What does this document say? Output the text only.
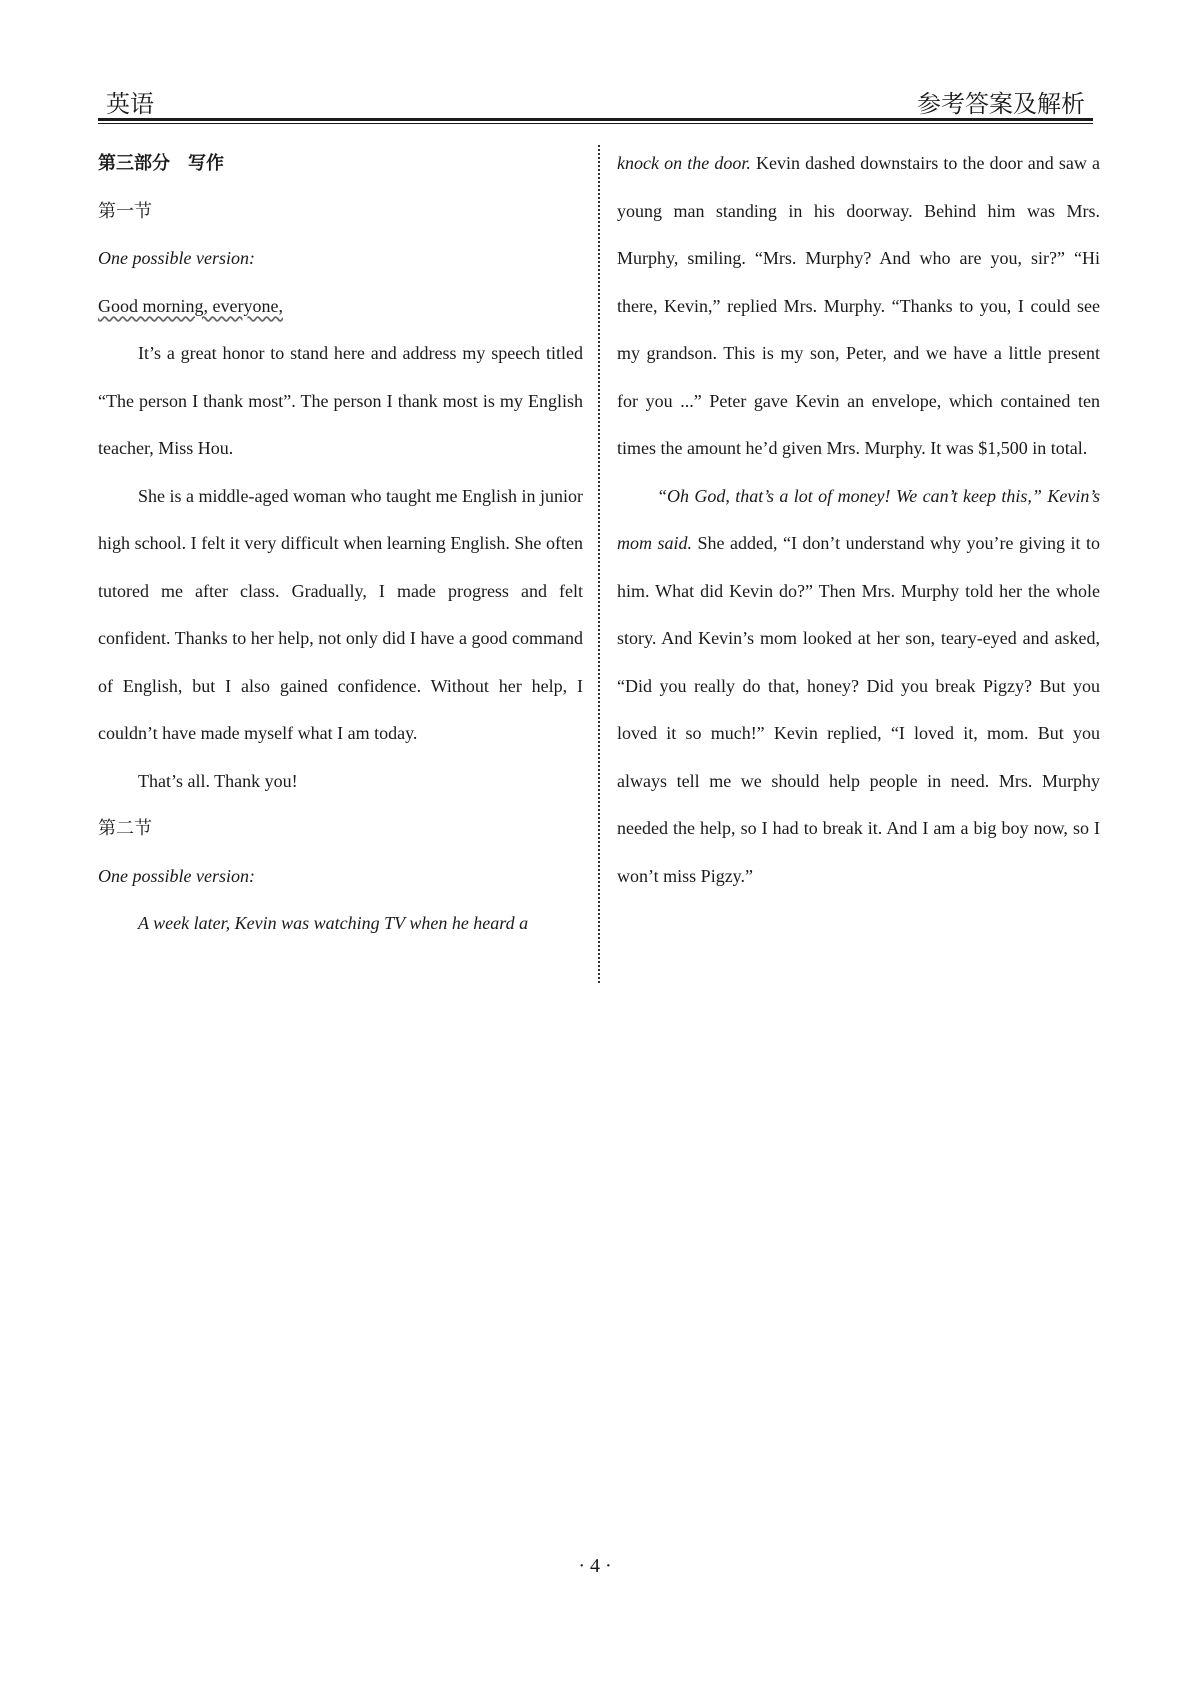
英语	参考答案及解析

第三部分　写作

第一节

One possible version:

Good morning, everyone,

It’s a great honor to stand here and address my speech titled “The person I thank most”. The person I thank most is my English teacher, Miss Hou.

She is a middle-aged woman who taught me English in junior high school. I felt it very difficult when learning English. She often tutored me after class. Gradually, I made progress and felt confident. Thanks to her help, not only did I have a good command of English, but I also gained confidence. Without her help, I couldn’t have made myself what I am today.

That’s all. Thank you!

第二节

One possible version:

A week later, Kevin was watching TV when he heard a

knock on the door. Kevin dashed downstairs to the door and saw a young man standing in his doorway. Behind him was Mrs. Murphy, smiling. “Mrs. Murphy? And who are you, sir?” “Hi there, Kevin,” replied Mrs. Murphy. “Thanks to you, I could see my grandson. This is my son, Peter, and we have a little present for you ...” Peter gave Kevin an envelope, which contained ten times the amount he’d given Mrs. Murphy. It was $1,500 in total.

“Oh God, that’s a lot of money! We can’t keep this,” Kevin’s mom said. She added, “I don’t understand why you’re giving it to him. What did Kevin do?” Then Mrs. Murphy told her the whole story. And Kevin’s mom looked at her son, teary-eyed and asked, “Did you really do that, honey? Did you break Pigzy? But you loved it so much!” Kevin replied, “I loved it, mom. But you always tell me we should help people in need. Mrs. Murphy needed the help, so I had to break it. And I am a big boy now, so I won’t miss Pigzy.”

· 4 ·
